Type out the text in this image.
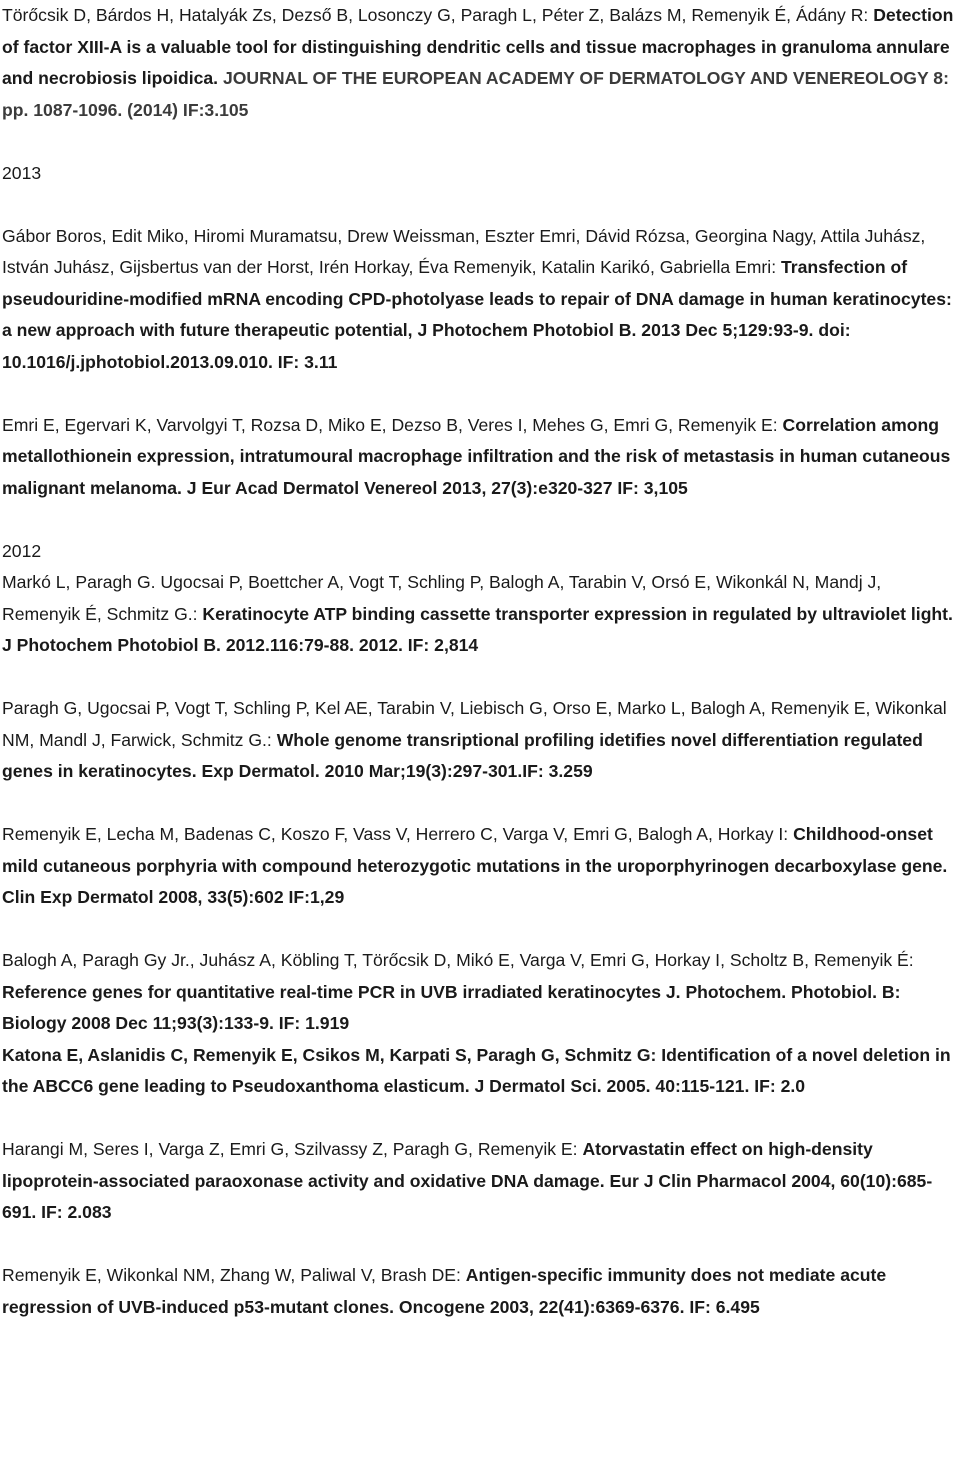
Törőcsik D, Bárdos H, Hatalyák Zs, Dezső B, Losonczy G, Paragh L, Péter Z, Balázs M, Remenyik É, Ádány R: Detection of factor XIII-A is a valuable tool for distinguishing dendritic cells and tissue macrophages in granuloma annulare and necrobiosis lipoidica. JOURNAL OF THE EUROPEAN ACADEMY OF DERMATOLOGY AND VENEREOLOGY 8: pp. 1087-1096. (2014) IF:3.105

2013

Gábor Boros, Edit Miko, Hiromi Muramatsu, Drew Weissman, Eszter Emri, Dávid Rózsa, Georgina Nagy, Attila Juhász, István Juhász, Gijsbertus van der Horst, Irén Horkay, Éva Remenyik, Katalin Karikó, Gabriella Emri: Transfection of pseudouridine-modified mRNA encoding CPD-photolyase leads to repair of DNA damage in human keratinocytes: a new approach with future therapeutic potential, J Photochem Photobiol B. 2013 Dec 5;129:93-9. doi: 10.1016/j.jphotobiol.2013.09.010. IF: 3.11

Emri E, Egervari K, Varvolgyi T, Rozsa D, Miko E, Dezso B, Veres I, Mehes G, Emri G, Remenyik E: Correlation among metallothionein expression, intratumoural macrophage infiltration and the risk of metastasis in human cutaneous malignant melanoma. J Eur Acad Dermatol Venereol 2013, 27(3):e320-327 IF: 3,105

2012

Markó L, Paragh G. Ugocsai P, Boettcher A, Vogt T, Schling P, Balogh A, Tarabin V, Orsó E, Wikonkál N, Mandj J, Remenyik É, Schmitz G.: Keratinocyte ATP binding cassette transporter expression in regulated by ultraviolet light. J Photochem Photobiol B. 2012.116:79-88. 2012. IF: 2,814

Paragh G, Ugocsai P, Vogt T, Schling P, Kel AE, Tarabin V, Liebisch G, Orso E, Marko L, Balogh A, Remenyik E, Wikonkal NM, Mandl J, Farwick, Schmitz G.: Whole genome transriptional profiling idetifies novel differentiation regulated genes in keratinocytes. Exp Dermatol. 2010 Mar;19(3):297-301.IF: 3.259

Remenyik E, Lecha M, Badenas C, Koszo F, Vass V, Herrero C, Varga V, Emri G, Balogh A, Horkay I: Childhood-onset mild cutaneous porphyria with compound heterozygotic mutations in the uroporphyrinogen decarboxylase gene. Clin Exp Dermatol 2008, 33(5):602 IF:1,29

Balogh A, Paragh Gy Jr., Juhász A, Köbling T, Törőcsik D, Mikó E, Varga V, Emri G, Horkay I, Scholtz B, Remenyik É: Reference genes for quantitative real-time PCR in UVB irradiated keratinocytes J. Photochem. Photobiol. B: Biology 2008 Dec 11;93(3):133-9. IF: 1.919

Katona E, Aslanidis C, Remenyik E, Csikos M, Karpati S, Paragh G, Schmitz G: Identification of a novel deletion in the ABCC6 gene leading to Pseudoxanthoma elasticum. J Dermatol Sci. 2005. 40:115-121. IF: 2.0

Harangi M, Seres I, Varga Z, Emri G, Szilvassy Z, Paragh G, Remenyik E: Atorvastatin effect on high-density lipoprotein-associated paraoxonase activity and oxidative DNA damage. Eur J Clin Pharmacol 2004, 60(10):685-691. IF: 2.083

Remenyik E, Wikonkal NM, Zhang W, Paliwal V, Brash DE: Antigen-specific immunity does not mediate acute regression of UVB-induced p53-mutant clones. Oncogene 2003, 22(41):6369-6376. IF: 6.495
